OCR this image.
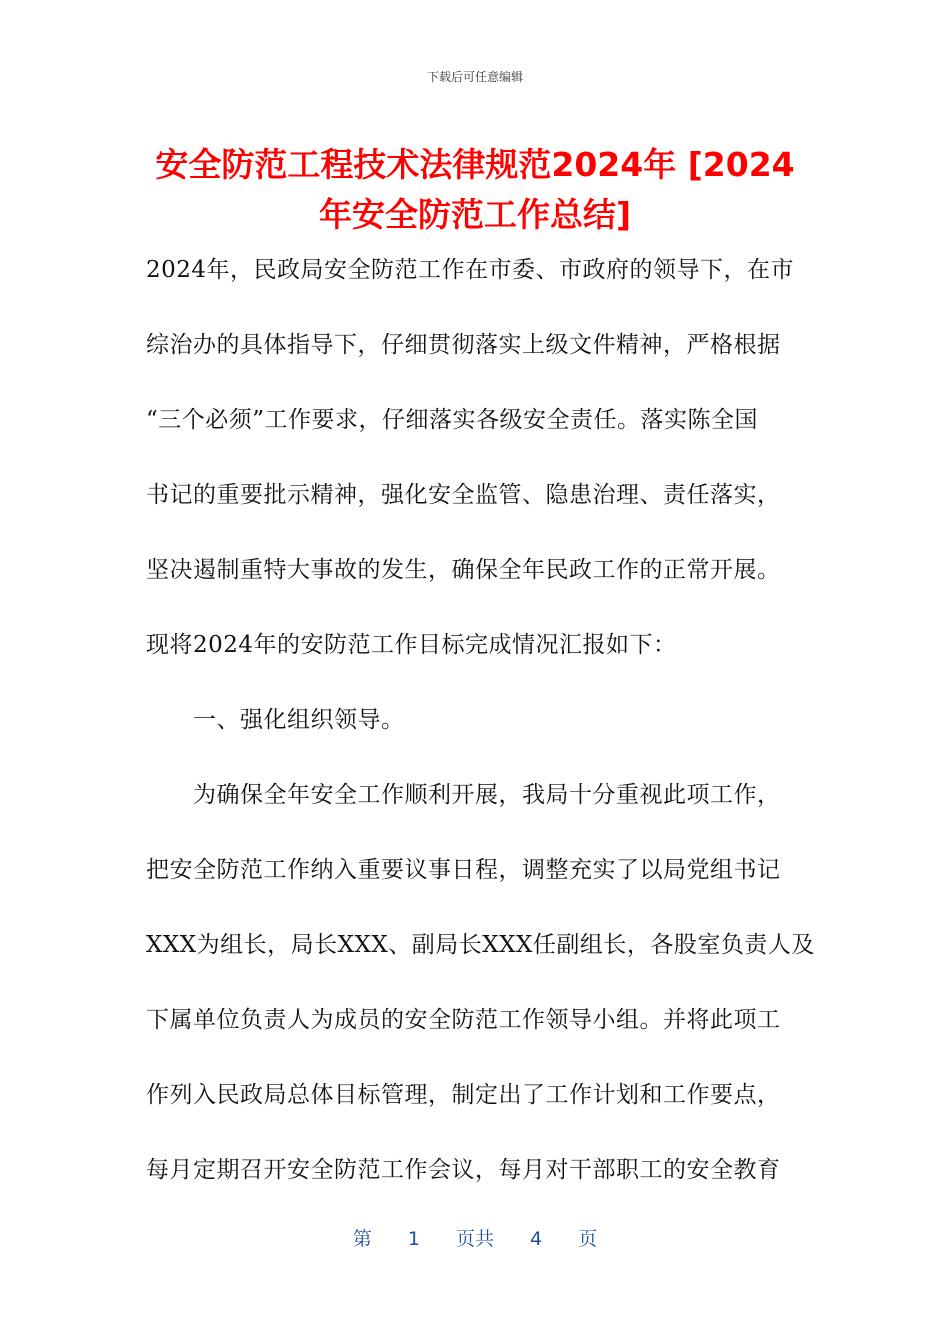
下载后可任意编辑
安全防范工程技术法律规范2024年 [2024年安全防范工作总结]
2024年，民政局安全防范工作在市委、市政府的领导下，在市
综治办的具体指导下，仔细贯彻落实上级文件精神，严格根据
“三个必须”工作要求，仔细落实各级安全责任。落实陈全国
书记的重要批示精神，强化安全监管、隐患治理、责任落实，
坚决遏制重特大事故的发生，确保全年民政工作的正常开展。
现将2024年的安防范工作目标完成情况汇报如下：
一、强化组织领导。
为确保全年安全工作顺利开展，我局十分重视此项工作，
把安全防范工作纳入重要议事日程，调整充实了以局党组书记
XXX为组长，局长XXX、副局长XXX任副组长，各股室负责人及
下属单位负责人为成员的安全防范工作领导小组。并将此项工
作列入民政局总体目标管理，制定出了工作计划和工作要点，
每月定期召开安全防范工作会议，每月对干部职工的安全教育
第 1 页共 4 页
